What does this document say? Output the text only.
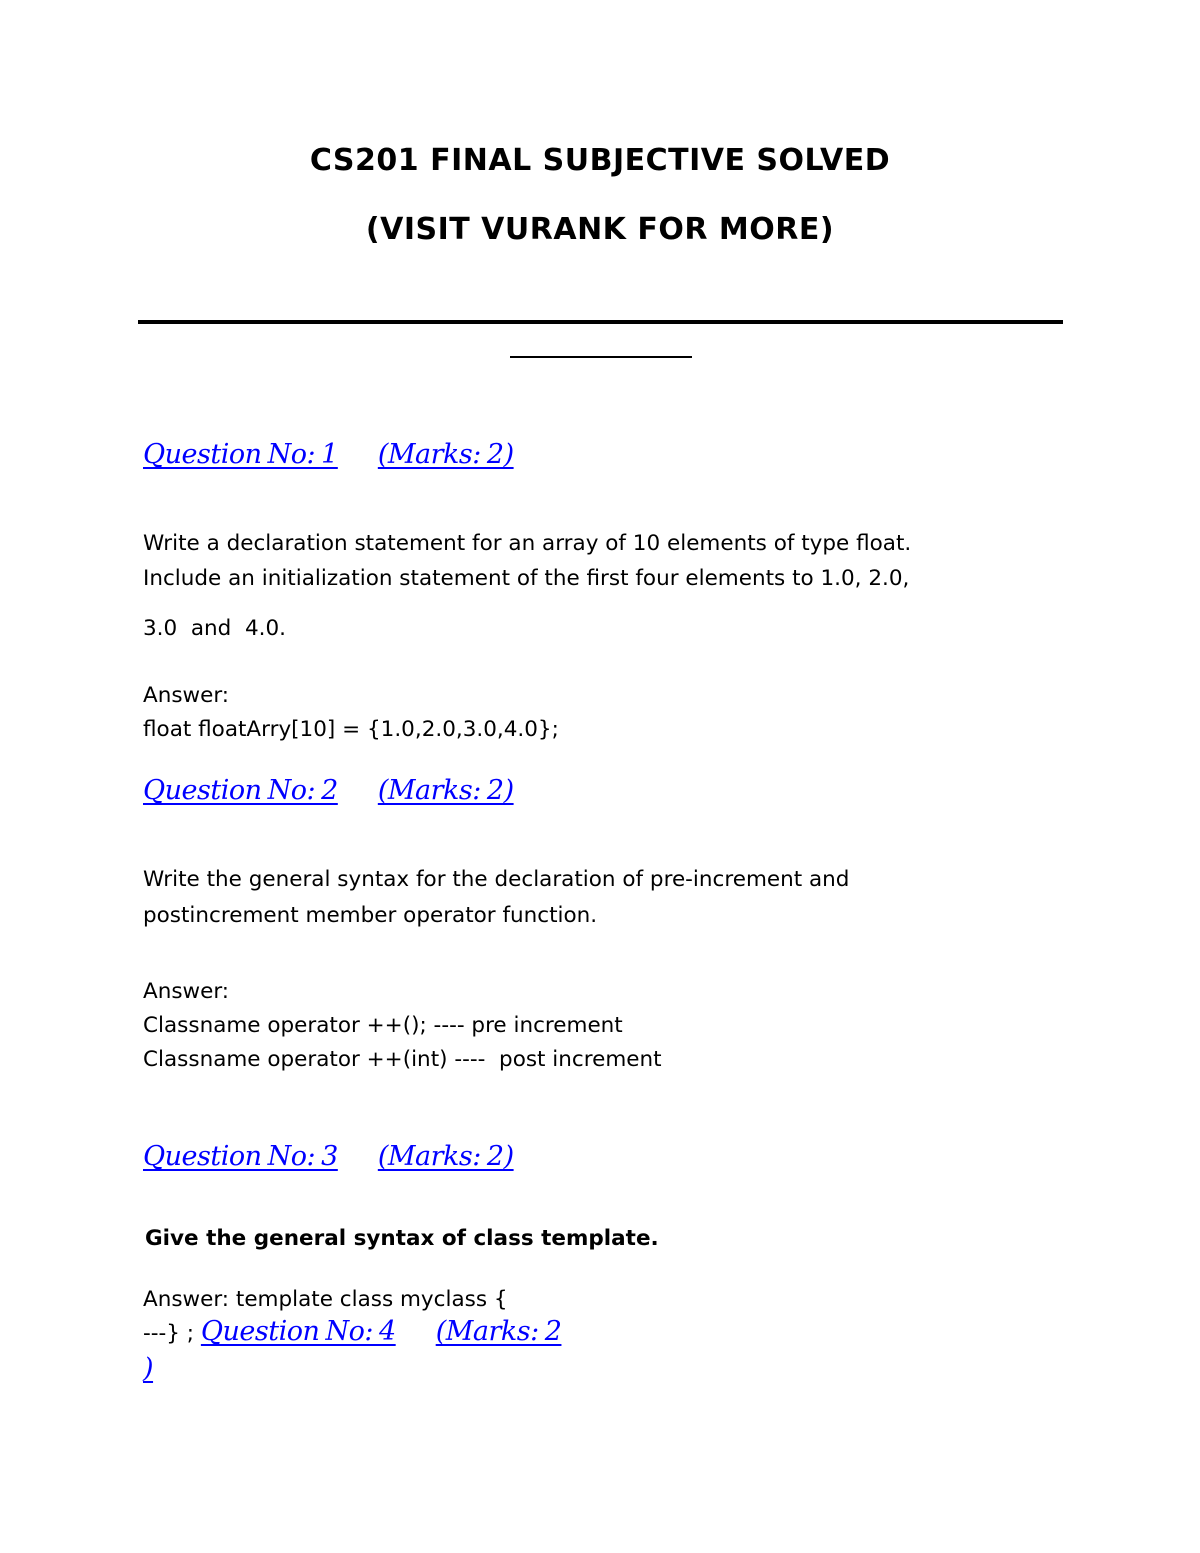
CS201 FINAL SUBJECTIVE SOLVED
(VISIT VURANK FOR MORE)
Question No: 1 (Marks: 2)
Write a declaration statement for an array of 10 elements of type float.
Include an initialization statement of the first four elements to 1.0, 2.0,
3.0  and  4.0.
Answer:
float floatArry[10] = {1.0,2.0,3.0,4.0};
Question No: 2 (Marks: 2)
Write the general syntax for the declaration of pre-increment and
postincrement member operator function.
Answer:
Classname operator ++(); ---- pre increment
Classname operator ++(int) ----  post increment
Question No: 3 (Marks: 2)
Give the general syntax of class template.
Answer: template class myclass {
---} ; Question No: 4 (Marks: 2
)
